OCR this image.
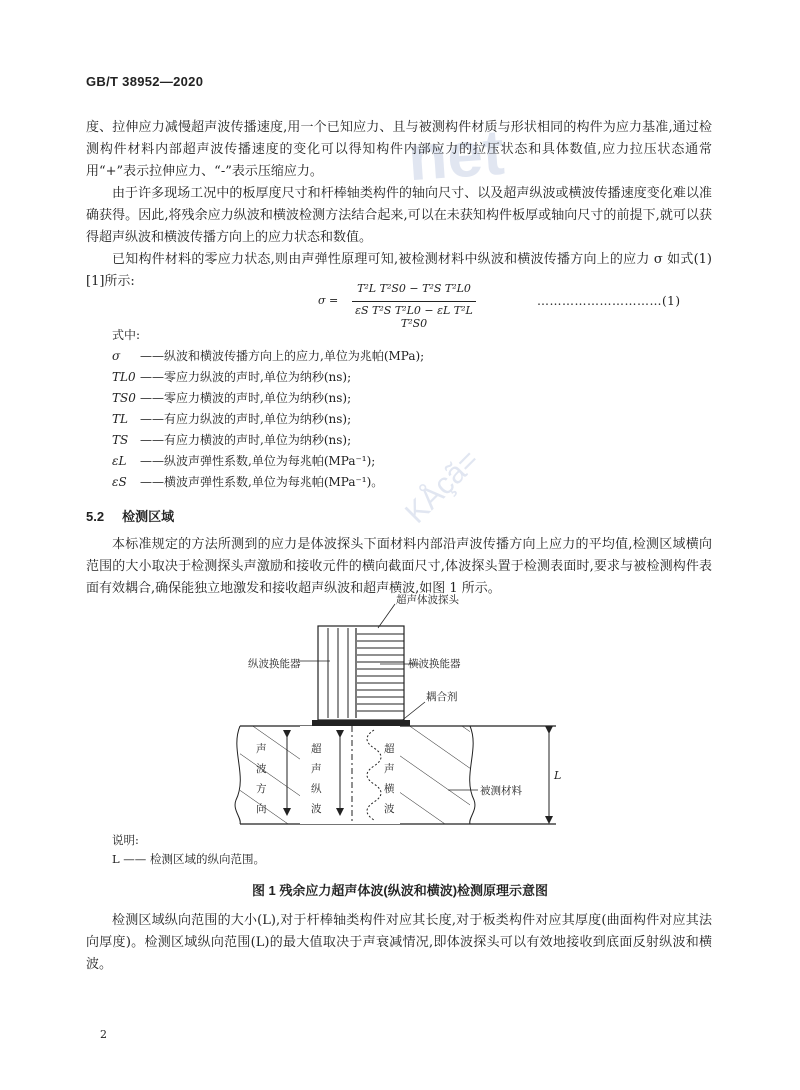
net
KÅçã=
GB/T 38952—2020

度、拉伸应力减慢超声波传播速度,用一个已知应力、且与被测构件材质与形状相同的构件为应力基准,通过检测构件材料内部超声波传播速度的变化可以得知构件内部应力的拉压状态和具体数值,应力拉压状态通常用“+”表示拉伸应力、“-”表示压缩应力。

由于许多现场工况中的板厚度尺寸和杆棒轴类构件的轴向尺寸、以及超声纵波或横波传播速度变化难以准确获得。因此,将残余应力纵波和横波检测方法结合起来,可以在未获知构件板厚或轴向尺寸的前提下,就可以获得超声纵波和横波传播方向上的应力状态和数值。

已知构件材料的零应力状态,则由声弹性原理可知,被检测材料中纵波和横波传播方向上的应力 σ 如式(1)[1]所示:

σ =
T²L T²S0 − T²S T²L0
εS T²S T²L0 − εL T²L T²S0
…………………………(1)
式中:
σ ——纵波和横波传播方向上的应力,单位为兆帕(MPa);
TL0 ——零应力纵波的声时,单位为纳秒(ns);
TS0 ——零应力横波的声时,单位为纳秒(ns);
TL ——有应力纵波的声时,单位为纳秒(ns);
TS ——有应力横波的声时,单位为纳秒(ns);
εL ——纵波声弹性系数,单位为每兆帕(MPa⁻¹);
εS ——横波声弹性系数,单位为每兆帕(MPa⁻¹)。
5.2 检测区域

本标准规定的方法所测到的应力是体波探头下面材料内部沿声波传播方向上应力的平均值,检测区域横向范围的大小取决于检测探头声激励和接收元件的横向截面尺寸,体波探头置于检测表面时,要求与被检测构件表面有效耦合,确保能独立地激发和接收超声纵波和超声横波,如图 1 所示。

超声体波探头
纵波换能器	横波换能器
耦合剂
被测材料
L
声
波
方
向
超
声
纵
波
超
声
横
波
说明:
L —— 检测区域的纵向范围。
图 1 残余应力超声体波(纵波和横波)检测原理示意图

检测区域纵向范围的大小(L),对于杆棒轴类构件对应其长度,对于板类构件对应其厚度(曲面构件对应其法向厚度)。检测区域纵向范围(L)的最大值取决于声衰减情况,即体波探头可以有效地接收到底面反射纵波和横波。

2
